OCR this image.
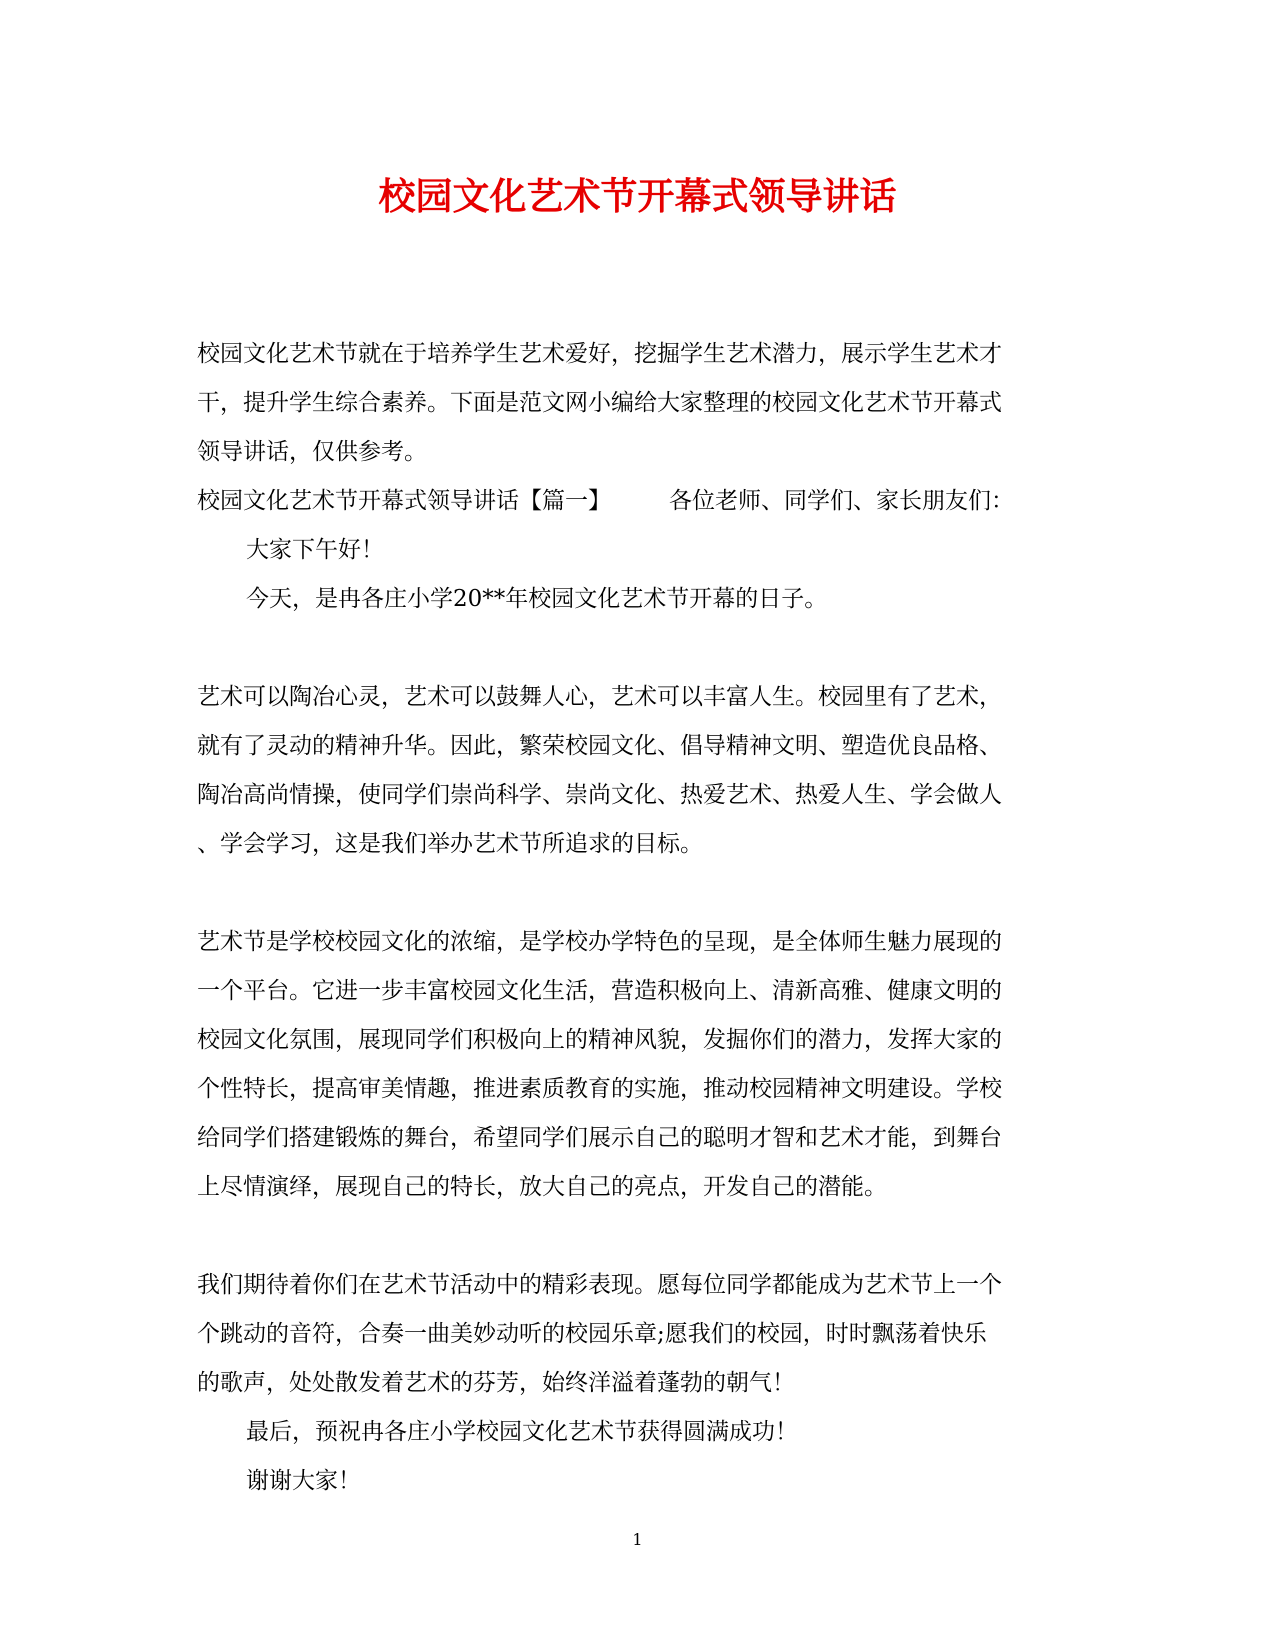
校园文化艺术节开幕式领导讲话

校园文化艺术节就在于培养学生艺术爱好，挖掘学生艺术潜力，展示学生艺术才

干，提升学生综合素养。下面是范文网小编给大家整理的校园文化艺术节开幕式

领导讲话，仅供参考。

校园文化艺术节开幕式领导讲话【篇一】	各位老师、同学们、家长朋友们：

大家下午好！

今天，是冉各庄小学20**年校园文化艺术节开幕的日子。

艺术可以陶冶心灵，艺术可以鼓舞人心，艺术可以丰富人生。校园里有了艺术，

就有了灵动的精神升华。因此，繁荣校园文化、倡导精神文明、塑造优良品格、

陶冶高尚情操，使同学们崇尚科学、崇尚文化、热爱艺术、热爱人生、学会做人

、学会学习，这是我们举办艺术节所追求的目标。

艺术节是学校校园文化的浓缩，是学校办学特色的呈现，是全体师生魅力展现的

一个平台。它进一步丰富校园文化生活，营造积极向上、清新高雅、健康文明的

校园文化氛围，展现同学们积极向上的精神风貌，发掘你们的潜力，发挥大家的

个性特长，提高审美情趣，推进素质教育的实施，推动校园精神文明建设。学校

给同学们搭建锻炼的舞台，希望同学们展示自己的聪明才智和艺术才能，到舞台

上尽情演绎，展现自己的特长，放大自己的亮点，开发自己的潜能。

我们期待着你们在艺术节活动中的精彩表现。愿每位同学都能成为艺术节上一个

个跳动的音符，合奏一曲美妙动听的校园乐章;愿我们的校园，时时飘荡着快乐

的歌声，处处散发着艺术的芬芳，始终洋溢着蓬勃的朝气！

最后，预祝冉各庄小学校园文化艺术节获得圆满成功！

谢谢大家！

1
